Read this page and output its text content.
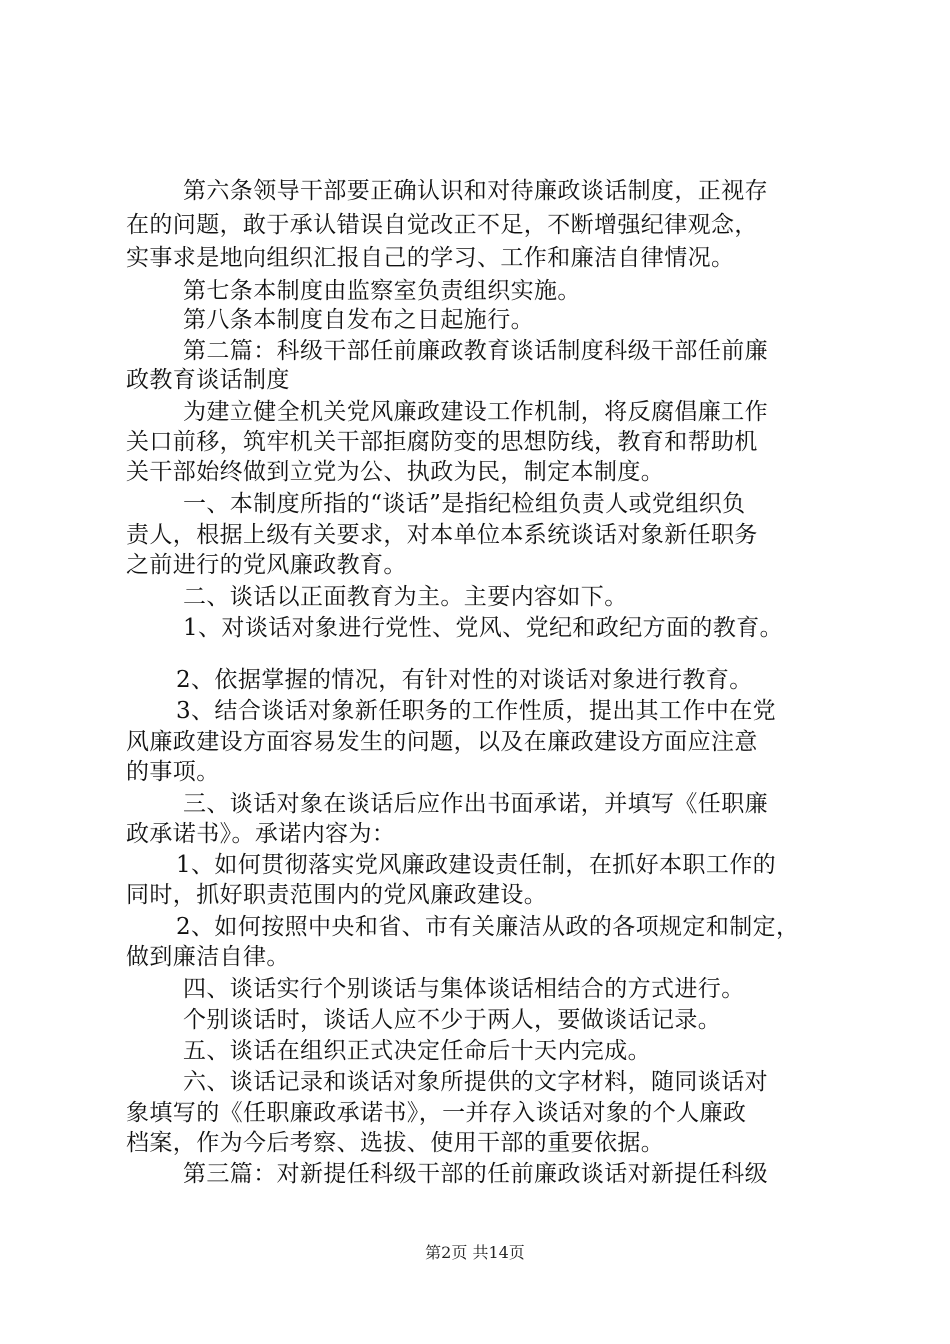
第六条领导干部要正确认识和对待廉政谈话制度，正视存
在的问题，敢于承认错误自觉改正不足，不断增强纪律观念，
实事求是地向组织汇报自己的学习、工作和廉洁自律情况。
第七条本制度由监察室负责组织实施。
第八条本制度自发布之日起施行。
第二篇：科级干部任前廉政教育谈话制度科级干部任前廉
政教育谈话制度
为建立健全机关党风廉政建设工作机制，将反腐倡廉工作
关口前移，筑牢机关干部拒腐防变的思想防线，教育和帮助机
关干部始终做到立党为公、执政为民，制定本制度。
一、本制度所指的“谈话”是指纪检组负责人或党组织负
责人，根据上级有关要求，对本单位本系统谈话对象新任职务
之前进行的党风廉政教育。
二、谈话以正面教育为主。主要内容如下。
1、对谈话对象进行党性、党风、党纪和政纪方面的教育。
2、依据掌握的情况，有针对性的对谈话对象进行教育。
3、结合谈话对象新任职务的工作性质，提出其工作中在党
风廉政建设方面容易发生的问题，以及在廉政建设方面应注意
的事项。
三、谈话对象在谈话后应作出书面承诺，并填写《任职廉
政承诺书》。承诺内容为：
1、如何贯彻落实党风廉政建设责任制，在抓好本职工作的
同时，抓好职责范围内的党风廉政建设。
2、如何按照中央和省、市有关廉洁从政的各项规定和制定，
做到廉洁自律。
四、谈话实行个别谈话与集体谈话相结合的方式进行。
个别谈话时，谈话人应不少于两人，要做谈话记录。
五、谈话在组织正式决定任命后十天内完成。
六、谈话记录和谈话对象所提供的文字材料，随同谈话对
象填写的《任职廉政承诺书》，一并存入谈话对象的个人廉政
档案，作为今后考察、选拔、使用干部的重要依据。
第三篇：对新提任科级干部的任前廉政谈话对新提任科级
第2页 共14页
